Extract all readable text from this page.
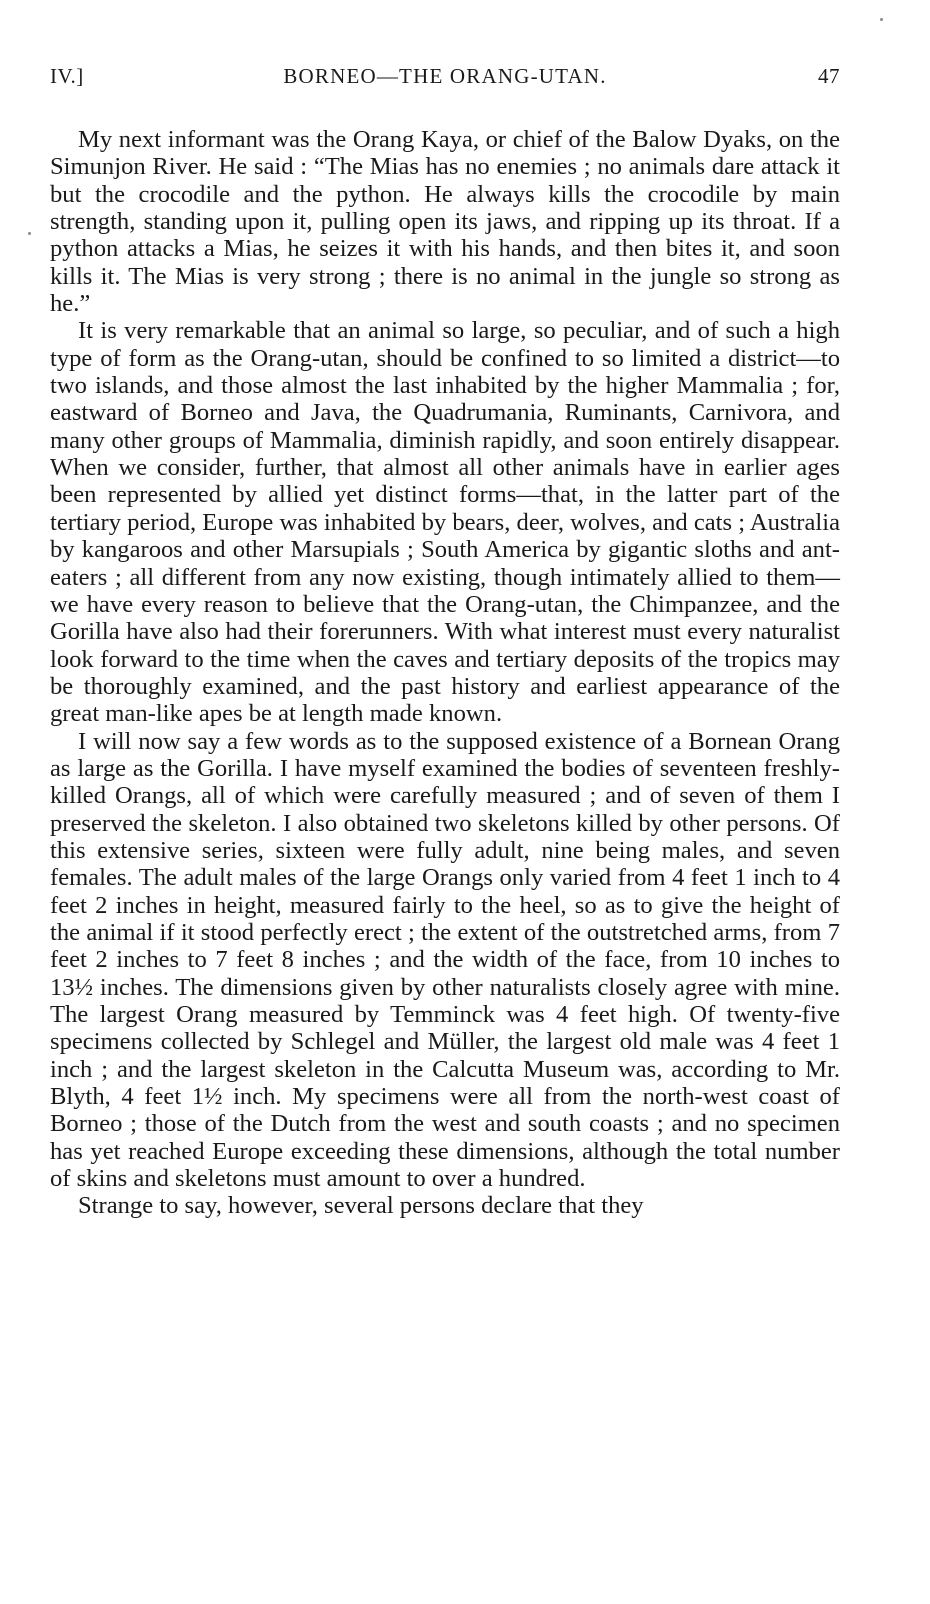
IV.]	BORNEO—THE ORANG-UTAN.	47

My next informant was the Orang Kaya, or chief of the Balow Dyaks, on the Simunjon River. He said : “The Mias has no enemies ; no animals dare attack it but the crocodile and the python. He always kills the crocodile by main strength, standing upon it, pulling open its jaws, and ripping up its throat. If a python attacks a Mias, he seizes it with his hands, and then bites it, and soon kills it. The Mias is very strong ; there is no animal in the jungle so strong as he.”

It is very remarkable that an animal so large, so peculiar, and of such a high type of form as the Orang-utan, should be confined to so limited a district—to two islands, and those almost the last inhabited by the higher Mammalia ; for, eastward of Borneo and Java, the Quadrumania, Ruminants, Carnivora, and many other groups of Mammalia, diminish rapidly, and soon entirely disappear. When we consider, further, that almost all other animals have in earlier ages been represented by allied yet distinct forms—that, in the latter part of the tertiary period, Europe was inhabited by bears, deer, wolves, and cats ; Australia by kangaroos and other Marsupials ; South America by gigantic sloths and ant-eaters ; all different from any now existing, though intimately allied to them—we have every reason to believe that the Orang-utan, the Chimpanzee, and the Gorilla have also had their forerunners. With what interest must every naturalist look forward to the time when the caves and tertiary deposits of the tropics may be thoroughly examined, and the past history and earliest appearance of the great man-like apes be at length made known.

I will now say a few words as to the supposed existence of a Bornean Orang as large as the Gorilla. I have myself examined the bodies of seventeen freshly-killed Orangs, all of which were carefully measured ; and of seven of them I preserved the skeleton. I also obtained two skeletons killed by other persons. Of this extensive series, sixteen were fully adult, nine being males, and seven females. The adult males of the large Orangs only varied from 4 feet 1 inch to 4 feet 2 inches in height, measured fairly to the heel, so as to give the height of the animal if it stood perfectly erect ; the extent of the outstretched arms, from 7 feet 2 inches to 7 feet 8 inches ; and the width of the face, from 10 inches to 13½ inches. The dimensions given by other naturalists closely agree with mine. The largest Orang measured by Temminck was 4 feet high. Of twenty-five specimens collected by Schlegel and Müller, the largest old male was 4 feet 1 inch ; and the largest skeleton in the Calcutta Museum was, according to Mr. Blyth, 4 feet 1½ inch. My specimens were all from the north-west coast of Borneo ; those of the Dutch from the west and south coasts ; and no specimen has yet reached Europe exceeding these dimensions, although the total number of skins and skeletons must amount to over a hundred.

Strange to say, however, several persons declare that they
